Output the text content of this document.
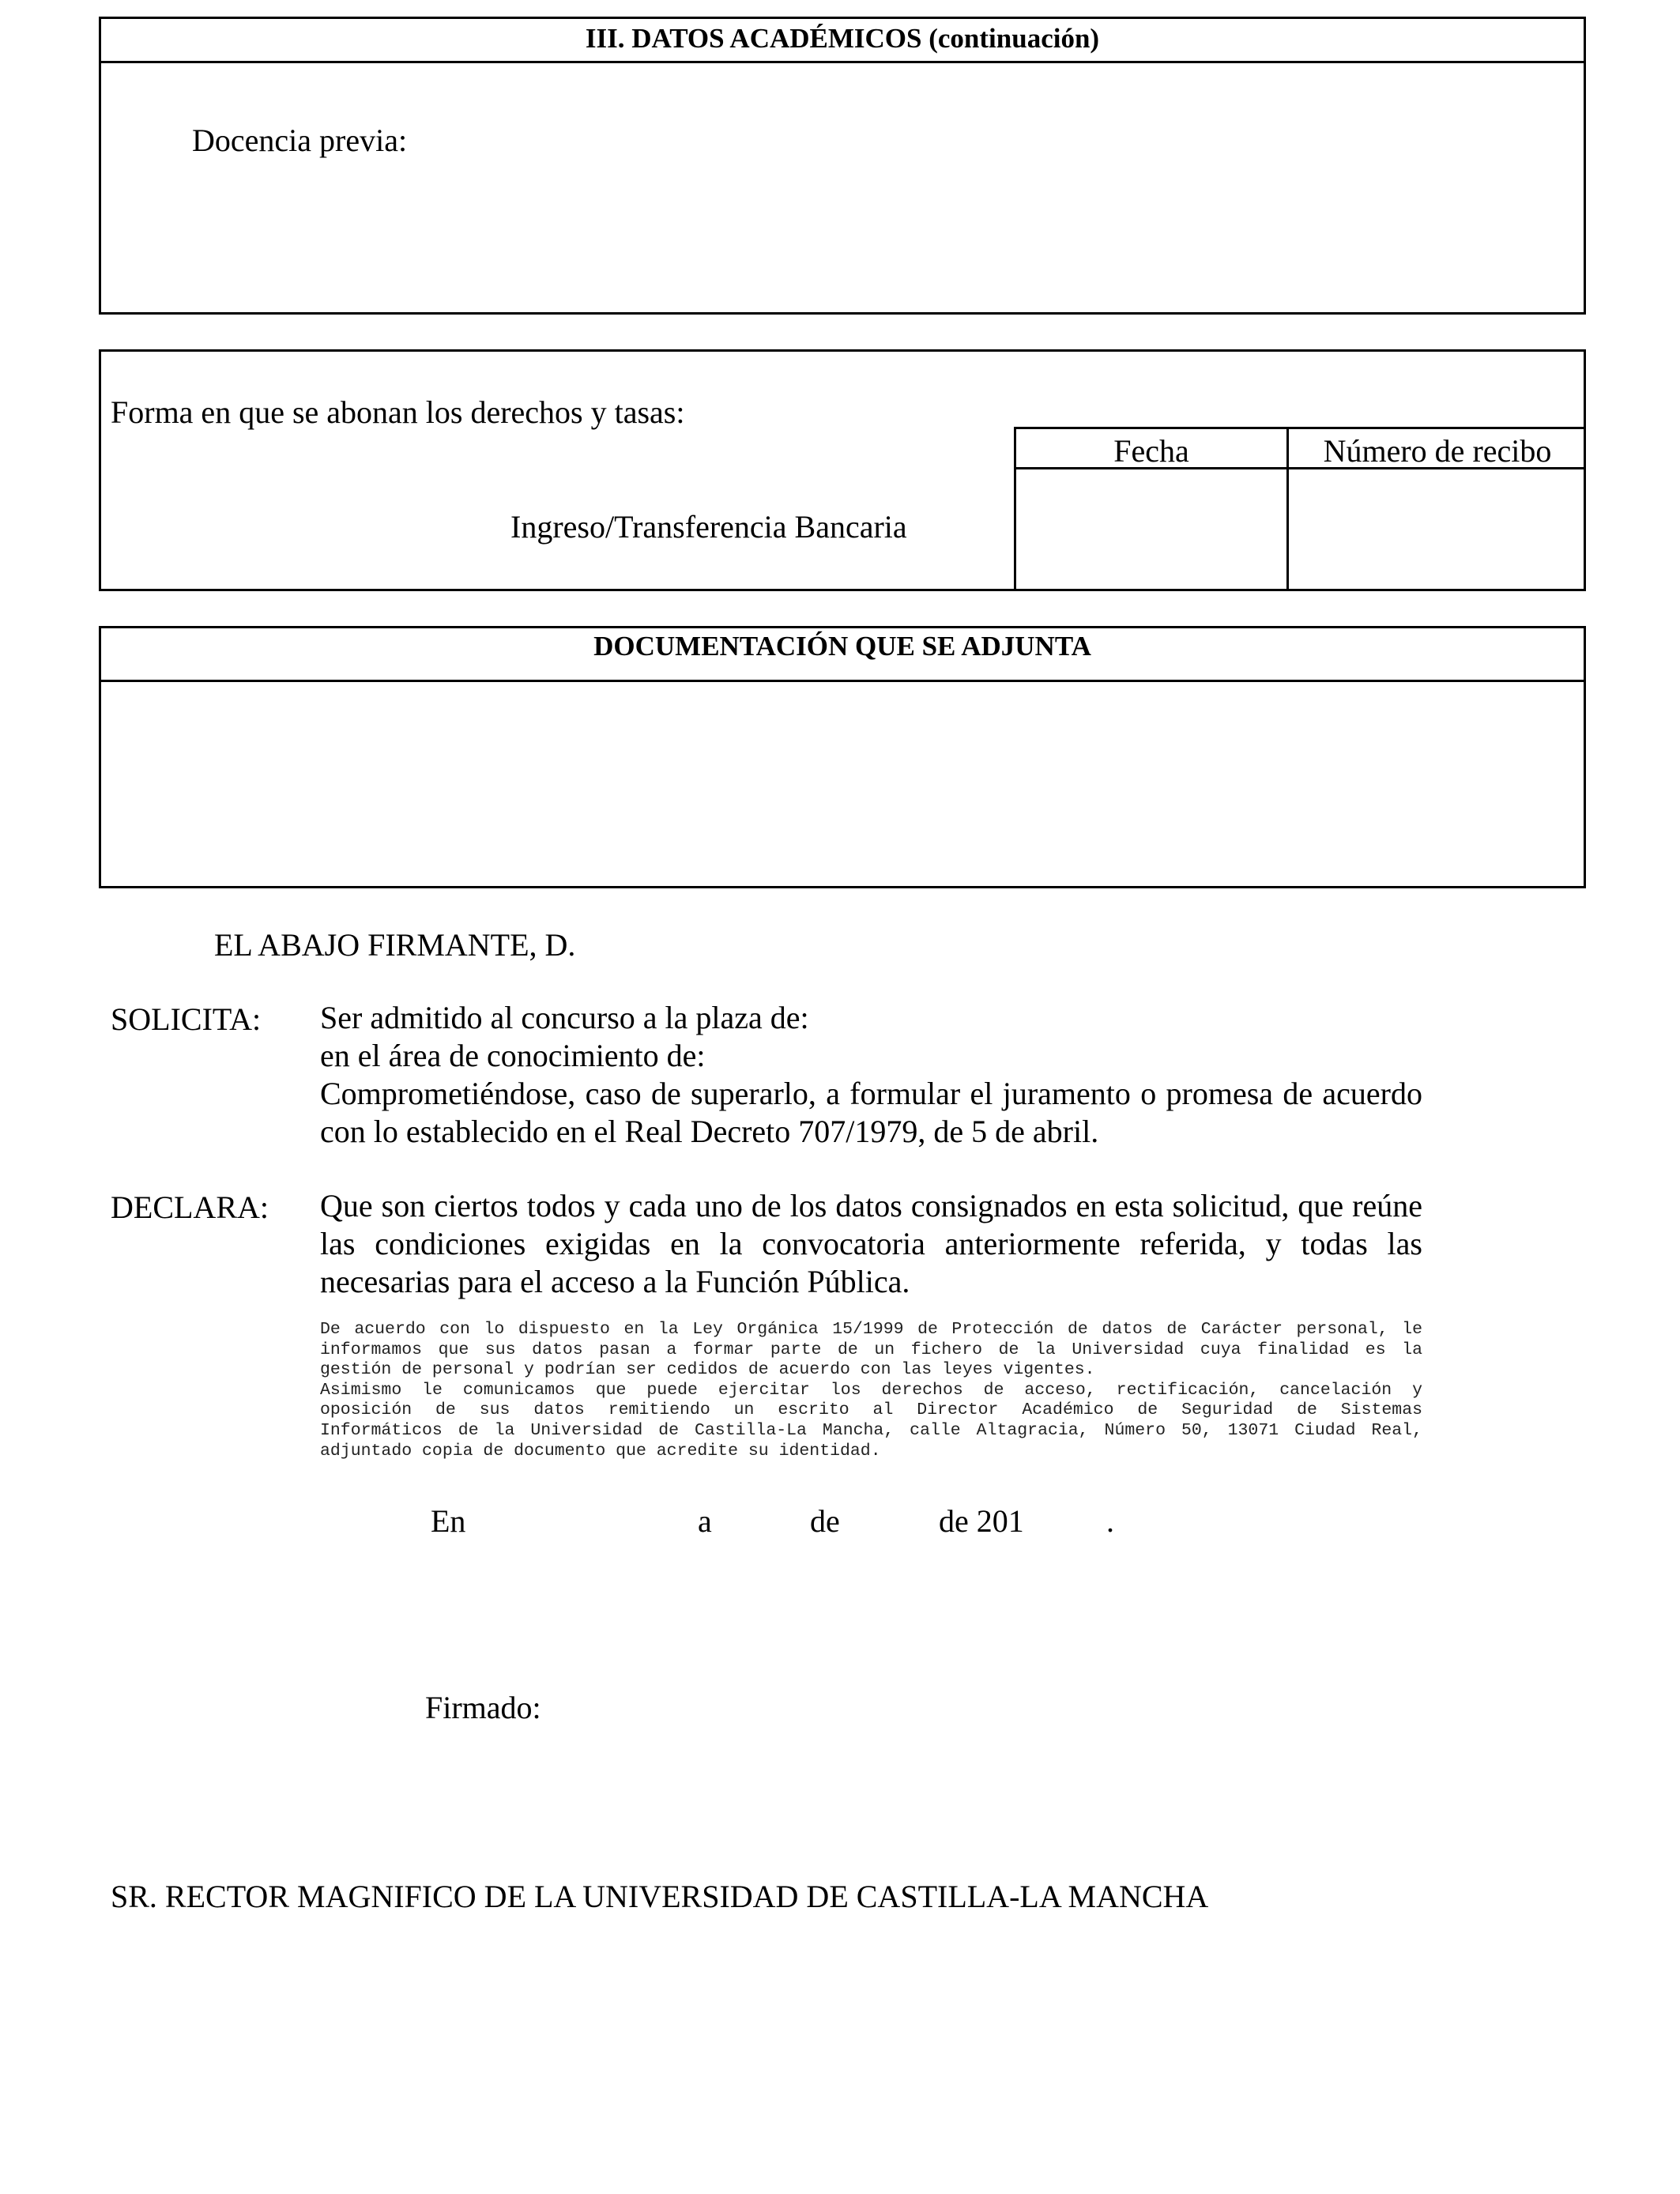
III. DATOS ACADÉMICOS (continuación)
Docencia previa:
Forma en que se abonan los derechos y tasas:
Ingreso/Transferencia Bancaria
Fecha	Número de recibo
DOCUMENTACIÓN QUE SE ADJUNTA
EL ABAJO FIRMANTE, D.
SOLICITA: Ser admitido al concurso a la plaza de:
en el área de conocimiento de:
Comprometiéndose, caso de superarlo, a formular el juramento o promesa de acuerdo con lo establecido en el Real Decreto 707/1979, de 5 de abril.
DECLARA: Que son ciertos todos y cada uno de los datos consignados en esta solicitud, que reúne las condiciones exigidas en la convocatoria anteriormente referida, y todas las necesarias para el acceso a la Función Pública.
De acuerdo con lo dispuesto en la Ley Orgánica 15/1999 de Protección de datos de Carácter personal, le
informamos que sus datos pasan a formar parte de un fichero de la Universidad cuya finalidad es la
gestión de personal y podrían ser cedidos de acuerdo con las leyes vigentes.
Asimismo le comunicamos que puede ejercitar los derechos de acceso, rectificación, cancelación y
oposición de sus datos remitiendo un escrito al Director Académico de Seguridad de Sistemas
Informáticos de la Universidad de Castilla-La Mancha, calle Altagracia, Número 50, 13071 Ciudad Real,
adjuntado copia de documento que acredite su identidad.
En	a	de	de 201	.
Firmado:
SR. RECTOR MAGNIFICO DE LA UNIVERSIDAD DE CASTILLA-LA MANCHA
